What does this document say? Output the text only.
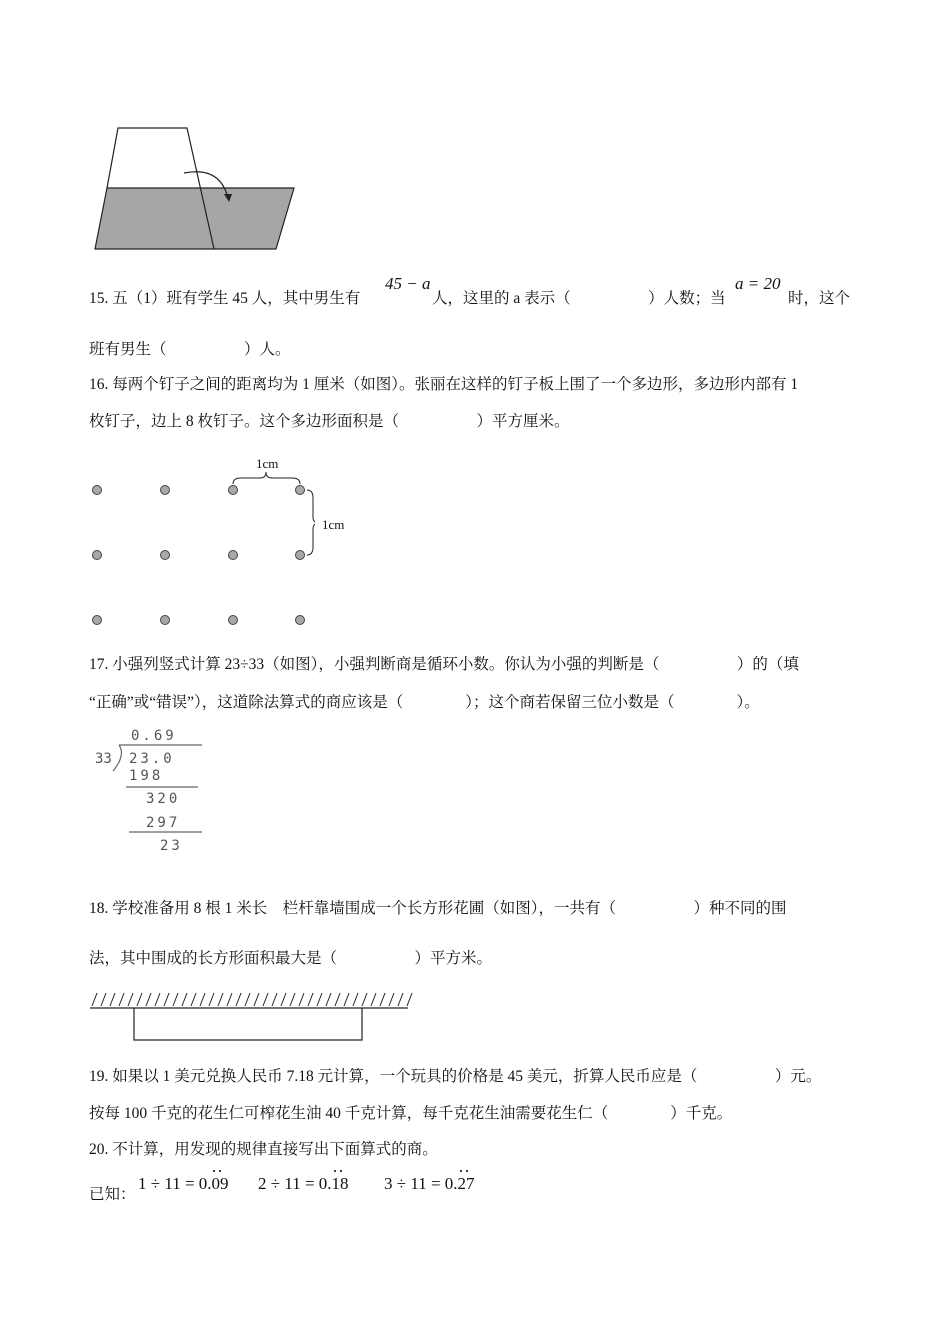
15. 五（1）班有学生 45 人，其中男生有
45 − a
人，这里的 a 表示（　　　　　）人数；当
a = 20
时，这个
班有男生（　　　　　）人。
16. 每两个钉子之间的距离均为 1 厘米（如图）。张丽在这样的钉子板上围了一个多边形，多边形内部有 1
枚钉子，边上 8 枚钉子。这个多边形面积是（　　　　　）平方厘米。
1cm
1cm
17. 小强列竖式计算 23÷33（如图），小强判断商是循环小数。你认为小强的判断是（　　　　　）的（填
“正确”或“错误”），这道除法算式的商应该是（　　　　）；这个商若保留三位小数是（　　　　）。
0.69
33 23.0
198
320
297
23
18. 学校准备用 8 根 1 米长　栏杆靠墙围成一个长方形花圃（如图），一共有（　　　　　）种不同的围
法，其中围成的长方形面积最大是（　　　　　）平方米。
19. 如果以 1 美元兑换人民币 7.18 元计算，一个玩具的价格是 45 美元，折算人民币应是（　　　　　）元。
按每 100 千克的花生仁可榨花生油 40 千克计算，每千克花生油需要花生仁（　　　　）千克。
20. 不计算，用发现的规律直接写出下面算式的商。
已知：
1 ÷ 11 = 0.09 2 ÷ 11 = 0.18 3 ÷ 11 = 0.27
